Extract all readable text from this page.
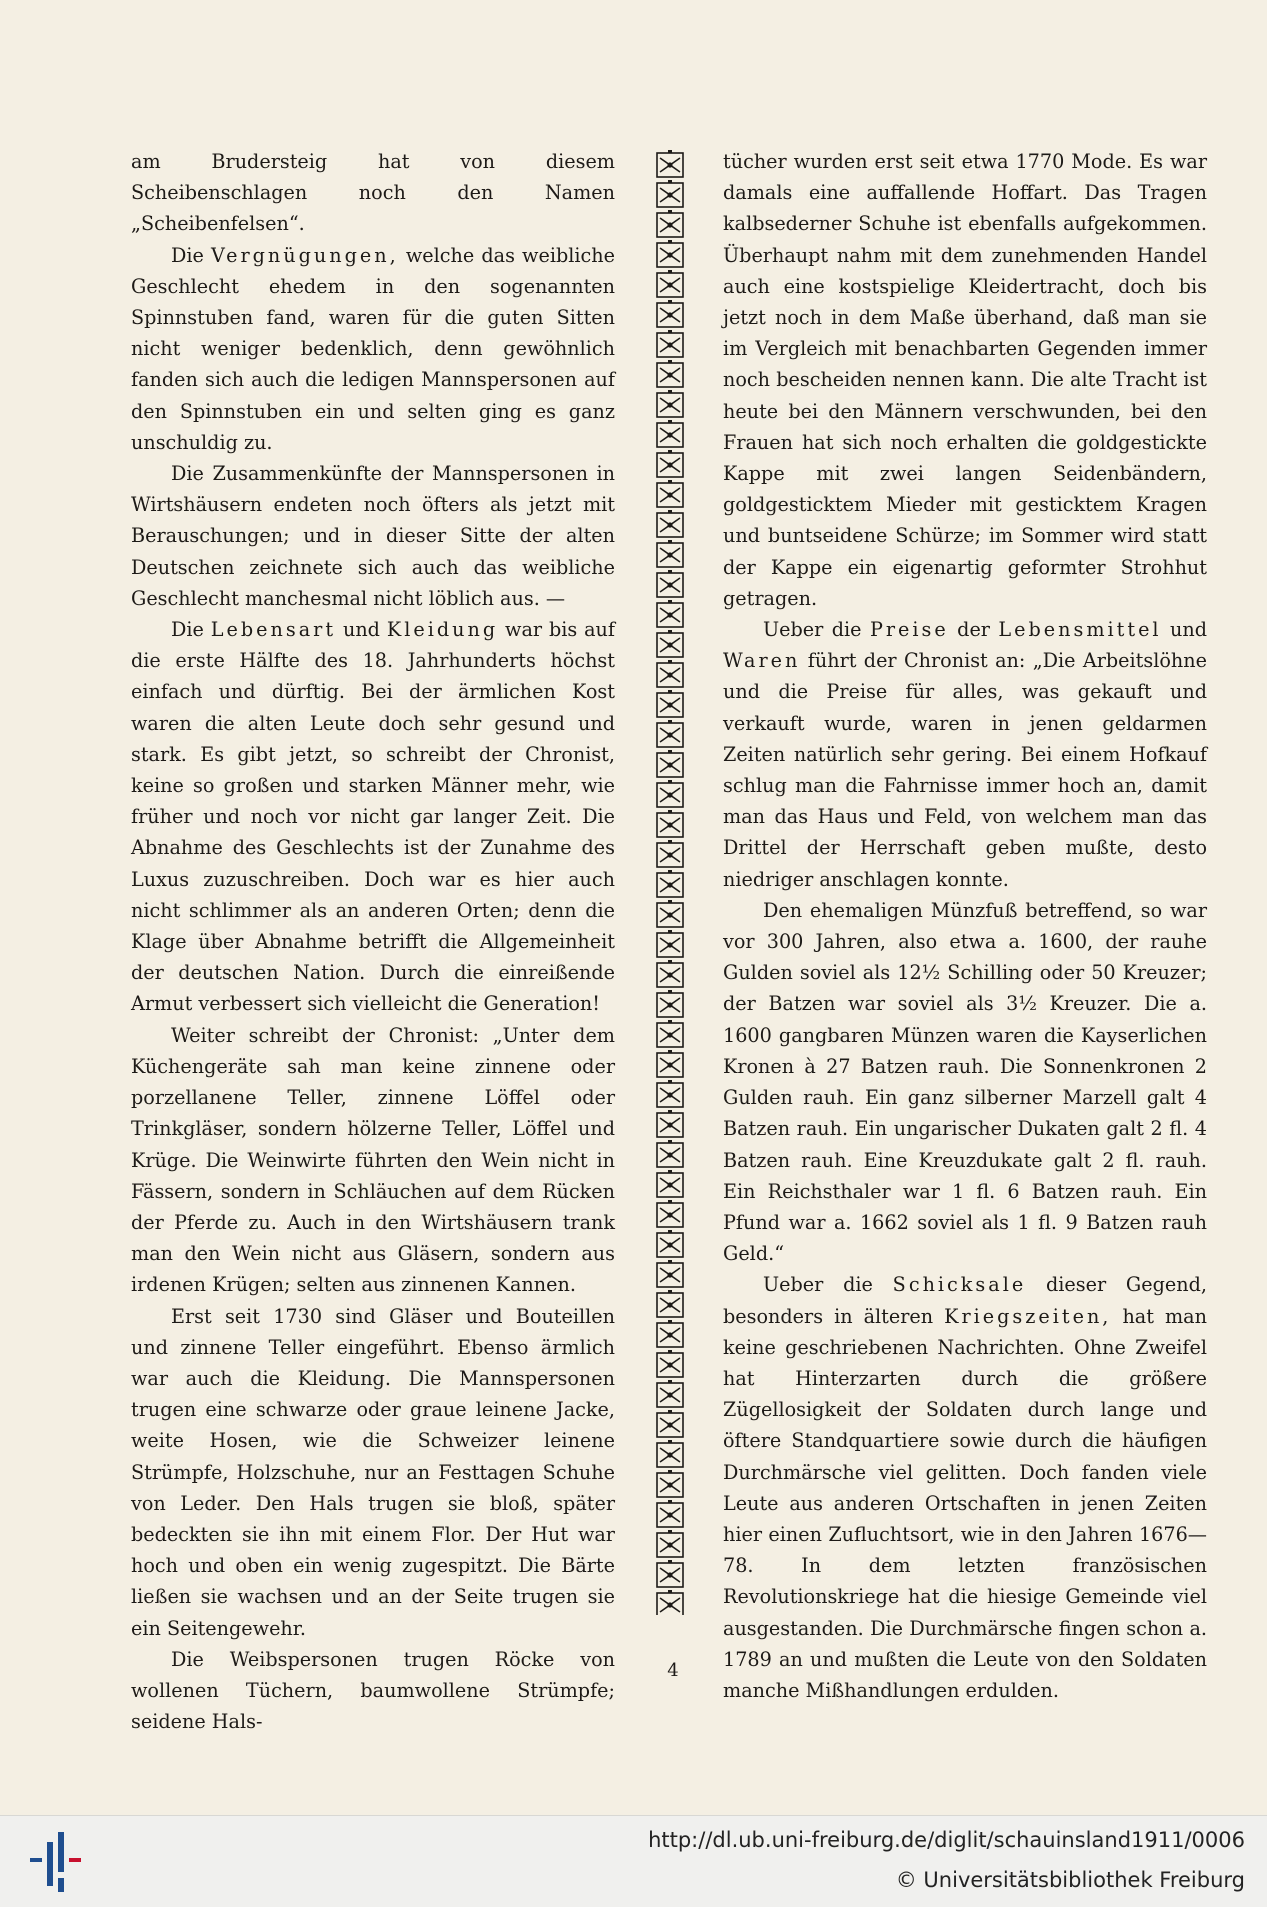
am Brudersteig hat von diesem Scheibenschlagen noch den Namen „Scheibenfelsen“.

Die Vergnügungen, welche das weibliche Geschlecht ehedem in den sogenannten Spinnstuben fand, waren für die guten Sitten nicht weniger bedenklich, denn gewöhnlich fanden sich auch die ledigen Mannspersonen auf den Spinnstuben ein und selten ging es ganz unschuldig zu.

Die Zusammenkünfte der Mannspersonen in Wirtshäusern endeten noch öfters als jetzt mit Berauschungen; und in dieser Sitte der alten Deutschen zeichnete sich auch das weibliche Geschlecht manchesmal nicht löblich aus. —

Die Lebensart und Kleidung war bis auf die erste Hälfte des 18. Jahrhunderts höchst einfach und dürftig. Bei der ärmlichen Kost waren die alten Leute doch sehr gesund und stark. Es gibt jetzt, so schreibt der Chronist, keine so großen und starken Männer mehr, wie früher und noch vor nicht gar langer Zeit. Die Abnahme des Geschlechts ist der Zunahme des Luxus zuzuschreiben. Doch war es hier auch nicht schlimmer als an anderen Orten; denn die Klage über Abnahme betrifft die Allgemeinheit der deutschen Nation. Durch die einreißende Armut verbessert sich vielleicht die Generation!

Weiter schreibt der Chronist: „Unter dem Küchengeräte sah man keine zinnene oder porzellanene Teller, zinnene Löffel oder Trinkgläser, sondern hölzerne Teller, Löffel und Krüge. Die Weinwirte führten den Wein nicht in Fässern, sondern in Schläuchen auf dem Rücken der Pferde zu. Auch in den Wirtshäusern trank man den Wein nicht aus Gläsern, sondern aus irdenen Krügen; selten aus zinnenen Kannen.

Erst seit 1730 sind Gläser und Bouteillen und zinnene Teller eingeführt. Ebenso ärmlich war auch die Kleidung. Die Mannspersonen trugen eine schwarze oder graue leinene Jacke, weite Hosen, wie die Schweizer leinene Strümpfe, Holzschuhe, nur an Festtagen Schuhe von Leder. Den Hals trugen sie bloß, später bedeckten sie ihn mit einem Flor. Der Hut war hoch und oben ein wenig zugespitzt. Die Bärte ließen sie wachsen und an der Seite trugen sie ein Seitengewehr.

Die Weibspersonen trugen Röcke von wollenen Tüchern, baumwollene Strümpfe; seidene Hals-

tücher wurden erst seit etwa 1770 Mode. Es war damals eine auffallende Hoffart. Das Tragen kalbsederner Schuhe ist ebenfalls aufgekommen. Überhaupt nahm mit dem zunehmenden Handel auch eine kostspielige Kleidertracht, doch bis jetzt noch in dem Maße überhand, daß man sie im Vergleich mit benachbarten Gegenden immer noch bescheiden nennen kann. Die alte Tracht ist heute bei den Männern verschwunden, bei den Frauen hat sich noch erhalten die goldgestickte Kappe mit zwei langen Seidenbändern, goldgesticktem Mieder mit gesticktem Kragen und buntseidene Schürze; im Sommer wird statt der Kappe ein eigenartig geformter Strohhut getragen.

Ueber die Preise der Lebensmittel und Waren führt der Chronist an: „Die Arbeitslöhne und die Preise für alles, was gekauft und verkauft wurde, waren in jenen geldarmen Zeiten natürlich sehr gering. Bei einem Hofkauf schlug man die Fahrnisse immer hoch an, damit man das Haus und Feld, von welchem man das Drittel der Herrschaft geben mußte, desto niedriger anschlagen konnte.

Den ehemaligen Münzfuß betreffend, so war vor 300 Jahren, also etwa a. 1600, der rauhe Gulden soviel als 12½ Schilling oder 50 Kreuzer; der Batzen war soviel als 3½ Kreuzer. Die a. 1600 gangbaren Münzen waren die Kayserlichen Kronen à 27 Batzen rauh. Die Sonnenkronen 2 Gulden rauh. Ein ganz silberner Marzell galt 4 Batzen rauh. Ein ungarischer Dukaten galt 2 fl. 4 Batzen rauh. Eine Kreuzdukate galt 2 fl. rauh. Ein Reichsthaler war 1 fl. 6 Batzen rauh. Ein Pfund war a. 1662 soviel als 1 fl. 9 Batzen rauh Geld.“

Ueber die Schicksale dieser Gegend, besonders in älteren Kriegszeiten, hat man keine geschriebenen Nachrichten. Ohne Zweifel hat Hinterzarten durch die größere Zügellosigkeit der Soldaten durch lange und öftere Standquartiere sowie durch die häufigen Durchmärsche viel gelitten. Doch fanden viele Leute aus anderen Ortschaften in jenen Zeiten hier einen Zufluchtsort, wie in den Jahren 1676—78. In dem letzten französischen Revolutionskriege hat die hiesige Gemeinde viel ausgestanden. Die Durchmärsche fingen schon a. 1789 an und mußten die Leute von den Soldaten manche Mißhandlungen erdulden.

4
http://dl.ub.uni-freiburg.de/diglit/schauinsland1911/0006
© Universitätsbibliothek Freiburg
